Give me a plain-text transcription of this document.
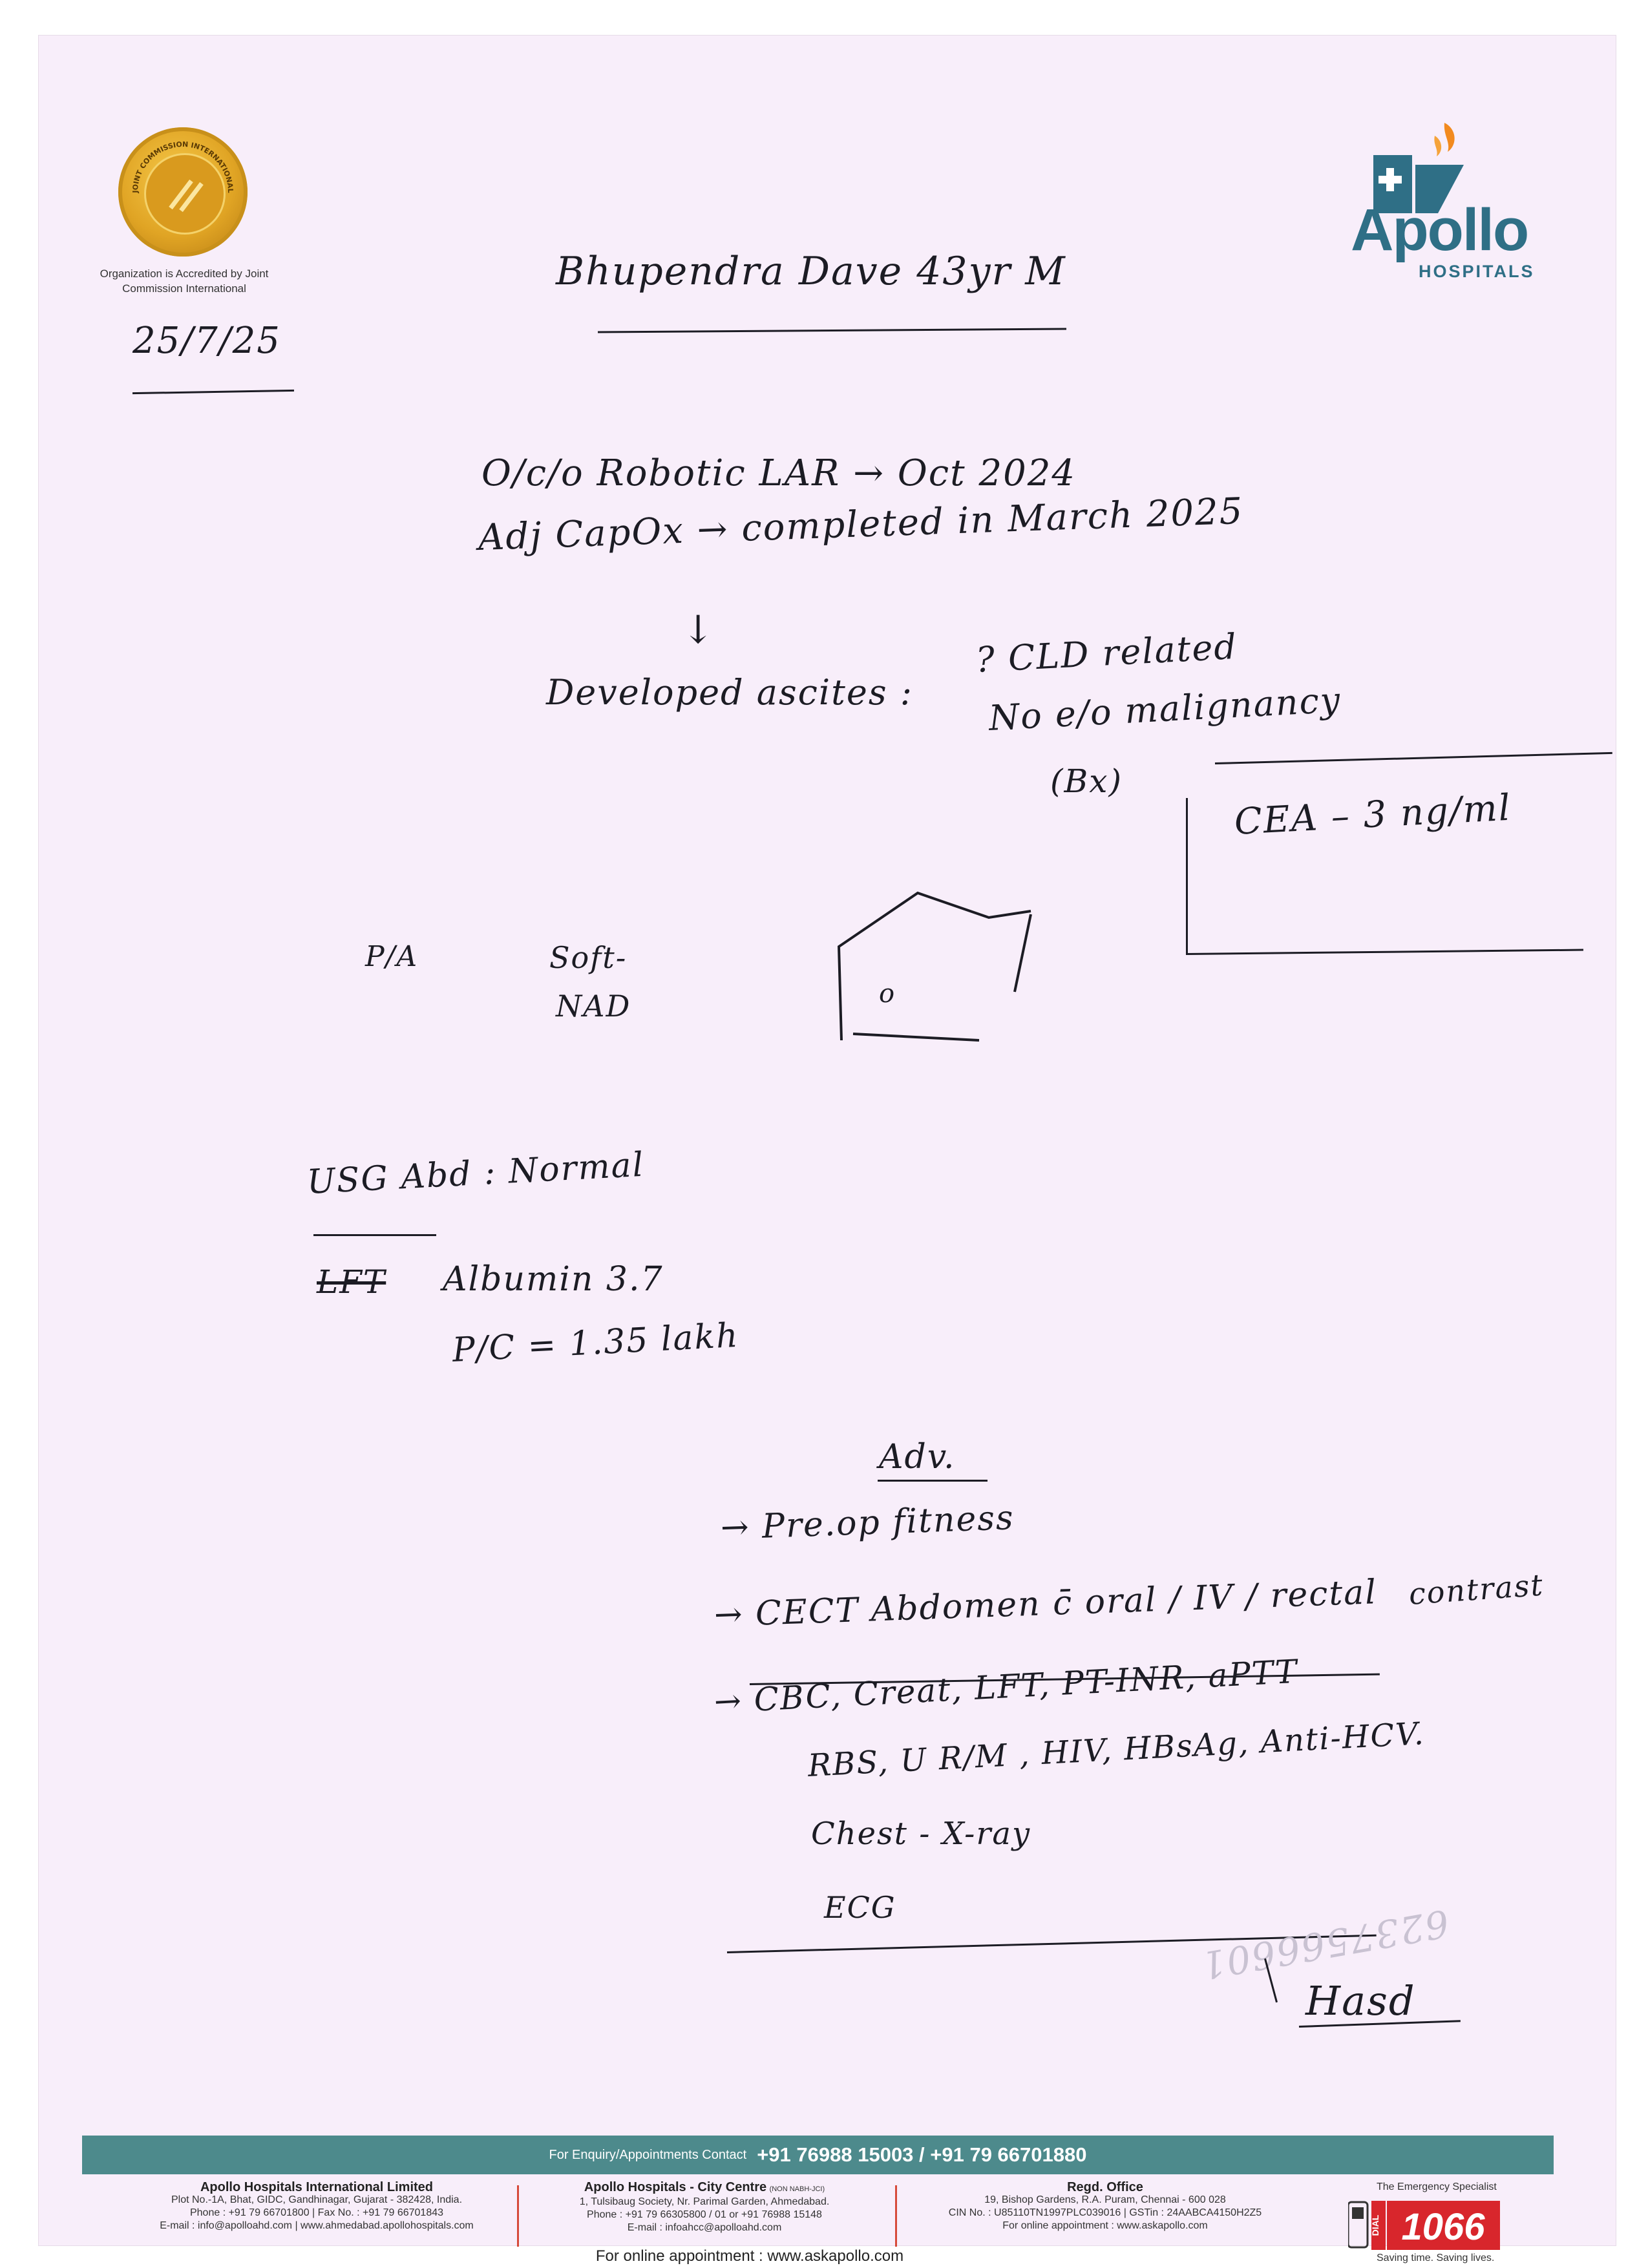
JOINT COMMISSION INTERNATIONAL
Organization is Accredited by Joint Commission International
Apollo
HOSPITALS
Bhupendra Dave 43yr M
25/7/25
O/c/o Robotic LAR → Oct 2024
Adj CapOx → completed in March 2025
↓
Developed ascites :
? CLD related
No e/o malignancy
(Bx)
CEA – 3 ng/ml
P/A	Soft-
NAD	o
USG Abd : Normal
LFT Albumin 3.7
P/C = 1.35 lakh
Adv.
→ Pre.op fitness
→ CECT Abdomen c̄ oral / IV / rectal contrast
→ CBC, Creat, LFT, PT-INR, aPTT
RBS, U R/M , HIV, HBsAg, Anti-HCV.
Chest - X-ray
ECG	6237566601
Hasd
For Enquiry/Appointments Contact +91 76988 15003 / +91 79 66701880
Apollo Hospitals International Limited
Plot No.-1A, Bhat, GIDC, Gandhinagar, Gujarat - 382428, India.
Phone : +91 79 66701800 | Fax No. : +91 79 66701843
E-mail : info@apolloahd.com | www.ahmedabad.apollohospitals.com
Apollo Hospitals - City Centre (NON NABH-JCI)
1, Tulsibaug Society, Nr. Parimal Garden, Ahmedabad.
Phone : +91 79 66305800 / 01 or +91 76988 15148
E-mail : infoahcc@apolloahd.com
Regd. Office
19, Bishop Gardens, R.A. Puram, Chennai - 600 028
CIN No. : U85110TN1997PLC039016 | GSTin : 24AABCA4150H2Z5
For online appointment : www.askapollo.com
For online appointment : www.askapollo.com
The Emergency Specialist
DIAL 1066
Saving time. Saving lives.
